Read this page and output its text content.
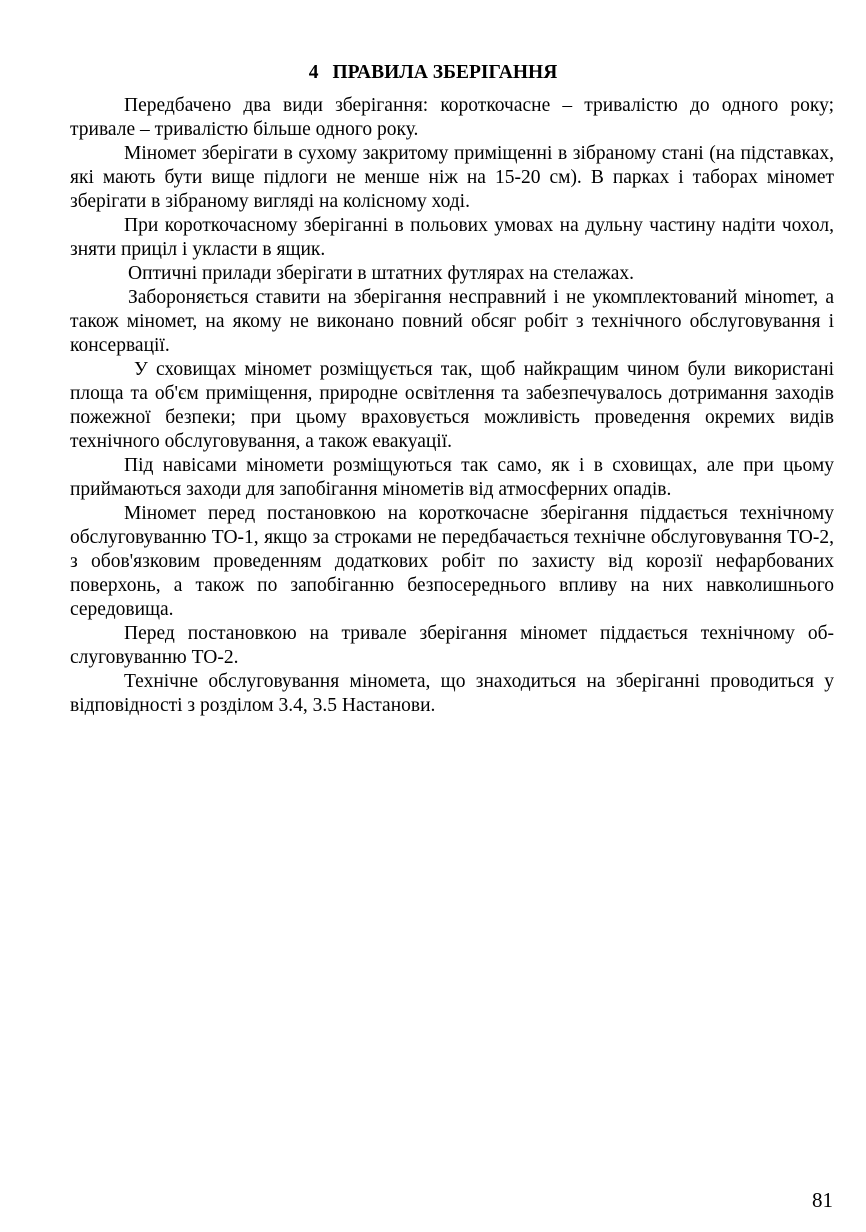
4 ПРАВИЛА ЗБЕРІГАННЯ

Передбачено два види зберігання: короткочасне – тривалістю до одного року; тривале – тривалістю більше одного року.

Міномет зберігати в сухому закритому приміщенні в зібраному стані (на підставках, які мають бути вище підлоги не менше ніж на 15-20 см). В парках і таборах міномет зберігати в зібраному вигляді на колісному ході.

При короткочасному зберіганні в польових умовах на дульну частину надіти чохол, зняти приціл і укласти в ящик.

Оптичні прилади зберігати в штатних футлярах на стелажах.

Забороняється ставити на зберігання несправний і не укомплектований міноmет, а також міномет, на якому не виконано повний обсяг робіт з технічного обслуговування і консервації.

У сховищах міномет розміщується так, щоб найкращим чином були використані площа та об'єм приміщення, природне освітлення та забезпечувалось дотримання заходів пожежної безпеки; при цьому враховується можливість проведення окремих видів технічного обслуговування, а також евакуації.

Під навісами міномети розміщуються так само, як і в сховищах, але при цьому приймаються заходи для запобігання мінометів від атмосферних опадів.

Міномет перед постановкою на короткочасне зберігання піддається технічному обслуговуванню ТО-1, якщо за строками не передбачається технічне обслуговування ТО-2, з обов'язковим проведенням додаткових робіт по захисту від корозії нефарбованих поверхонь, а також по запобіганню безпосереднього впливу на них навколишнього середовища.

Перед постановкою на тривале зберігання міномет піддається технічному обслуговуванню ТО-2.

Технічне обслуговування міномета, що знаходиться на зберіганні проводиться у відповідності з розділом 3.4, 3.5 Настанови.

81
